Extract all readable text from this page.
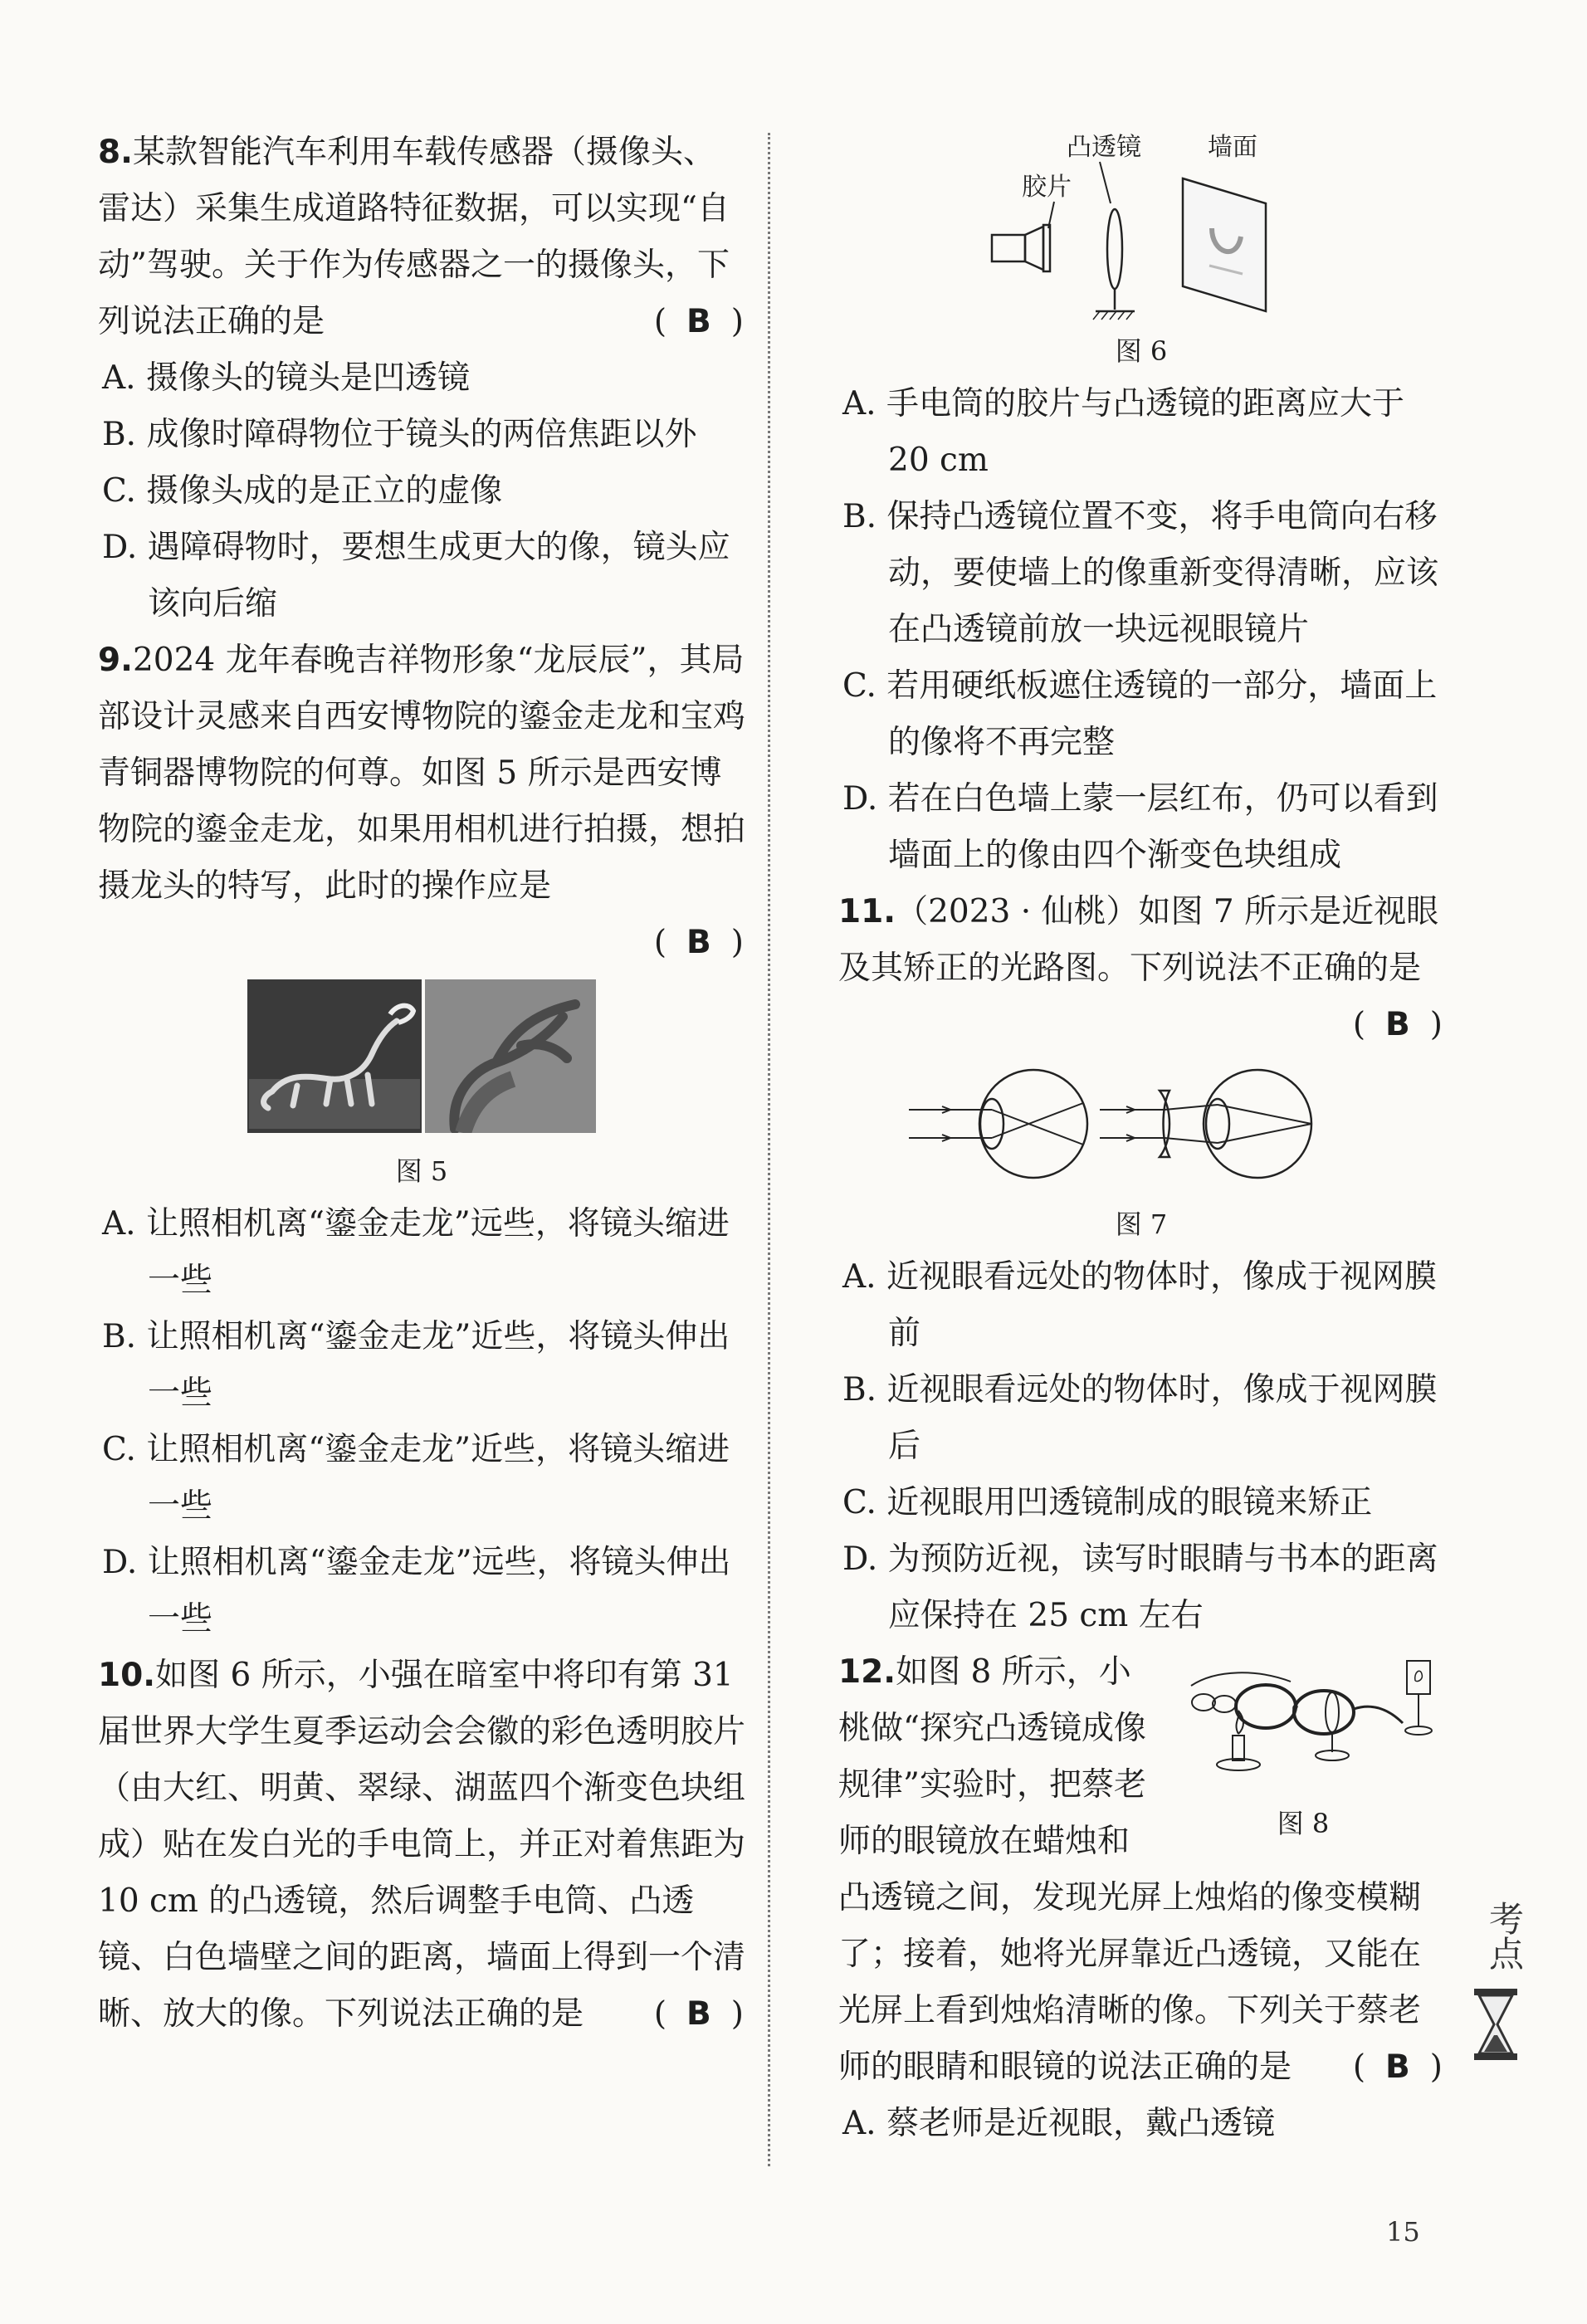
8.某款智能汽车利用车载传感器（摄像头、雷达）采集生成道路特征数据，可以实现“自动”驾驶。关于作为传感器之一的摄像头，下列说法正确的是	( B )
A. 摄像头的镜头是凹透镜
B. 成像时障碍物位于镜头的两倍焦距以外
C. 摄像头成的是正立的虚像
D. 遇障碍物时，要想生成更大的像，镜头应该向后缩
9.2024 龙年春晚吉祥物形象“龙辰辰”，其局部设计灵感来自西安博物院的鎏金走龙和宝鸡青铜器博物院的何尊。如图 5 所示是西安博物院的鎏金走龙，如果用相机进行拍摄，想拍摄龙头的特写，此时的操作应是
( B )
图 5
A. 让照相机离“鎏金走龙”远些，将镜头缩进一些
B. 让照相机离“鎏金走龙”近些，将镜头伸出一些
C. 让照相机离“鎏金走龙”近些，将镜头缩进一些
D. 让照相机离“鎏金走龙”远些，将镜头伸出一些
10.如图 6 所示，小强在暗室中将印有第 31 届世界大学生夏季运动会会徽的彩色透明胶片（由大红、明黄、翠绿、湖蓝四个渐变色块组成）贴在发白光的手电筒上，并正对着焦距为 10 cm 的凸透镜，然后调整手电筒、凸透镜、白色墙壁之间的距离，墙面上得到一个清晰、放大的像。下列说法正确的是 ( B )
凸透镜	墙面
胶片
图 6
A. 手电筒的胶片与凸透镜的距离应大于 20 cm
B. 保持凸透镜位置不变，将手电筒向右移动，要使墙上的像重新变得清晰，应该在凸透镜前放一块远视眼镜片
C. 若用硬纸板遮住透镜的一部分，墙面上的像将不再完整
D. 若在白色墙上蒙一层红布，仍可以看到墙面上的像由四个渐变色块组成
11.（2023 · 仙桃）如图 7 所示是近视眼及其矫正的光路图。下列说法不正确的是
( B )
图 7
A. 近视眼看远处的物体时，像成于视网膜前
B. 近视眼看远处的物体时，像成于视网膜后
C. 近视眼用凹透镜制成的眼镜来矫正
D. 为预防近视，读写时眼睛与书本的距离应保持在 25 cm 左右
图 8
12.如图 8 所示，小桃做“探究凸透镜成像规律”实验时，把蔡老师的眼镜放在蜡烛和凸透镜之间，发现光屏上烛焰的像变模糊了；接着，她将光屏靠近凸透镜，又能在光屏上看到烛焰清晰的像。下列关于蔡老师的眼睛和眼镜的说法正确的是 ( B )
A. 蔡老师是近视眼，戴凸透镜
考点
15
